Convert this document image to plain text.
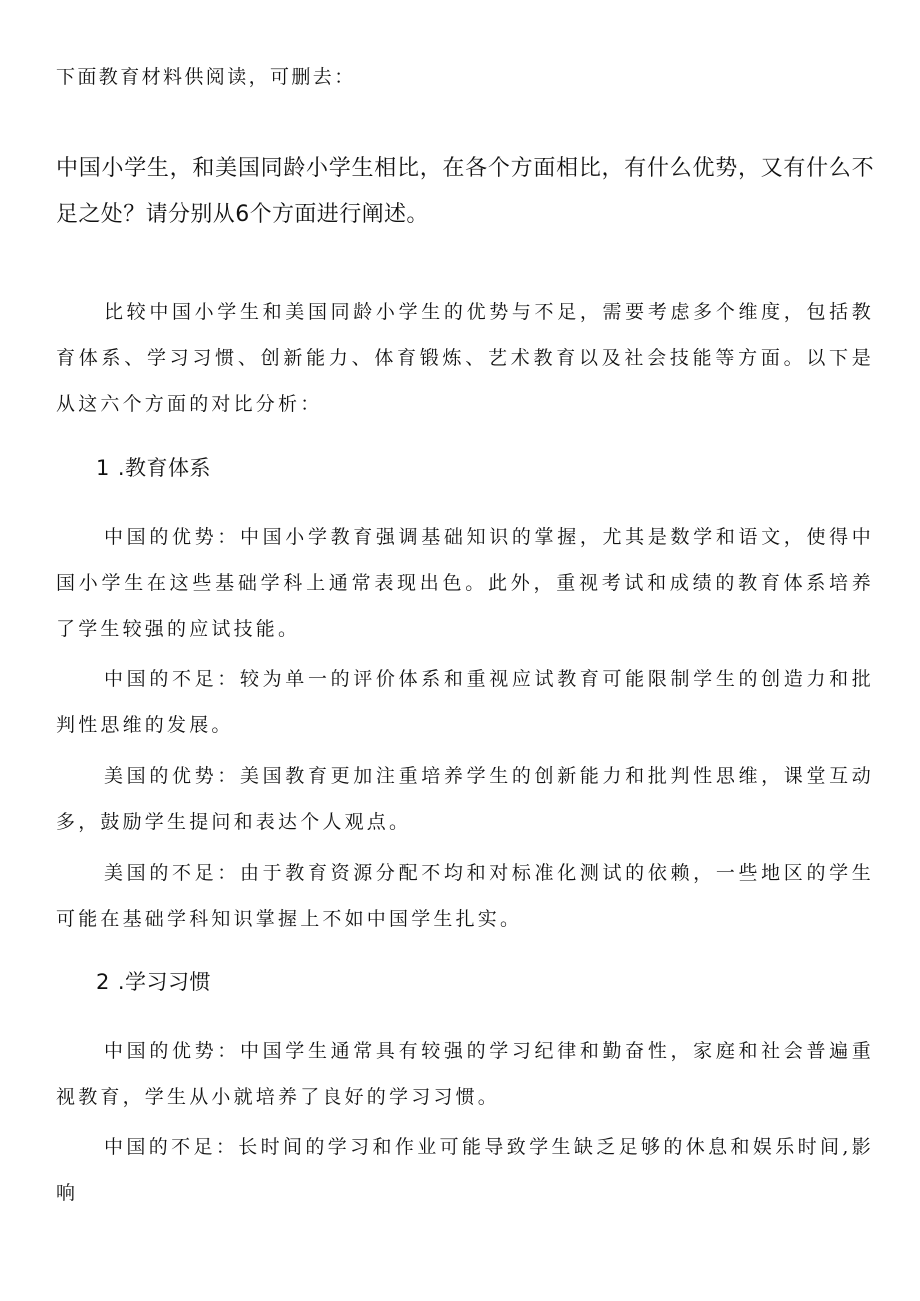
下面教育材料供阅读，可删去：

中国小学生，和美国同龄小学生相比，在各个方面相比，有什么优势，又有什么不足之处？请分别从6个方面进行阐述。

比较中国小学生和美国同龄小学生的优势与不足，需要考虑多个维度，包括教育体系、学习习惯、创新能力、体育锻炼、艺术教育以及社会技能等方面。以下是从这六个方面的对比分析：

1 .教育体系

中国的优势：中国小学教育强调基础知识的掌握，尤其是数学和语文，使得中国小学生在这些基础学科上通常表现出色。此外，重视考试和成绩的教育体系培养了学生较强的应试技能。

中国的不足：较为单一的评价体系和重视应试教育可能限制学生的创造力和批判性思维的发展。

美国的优势：美国教育更加注重培养学生的创新能力和批判性思维，课堂互动多，鼓励学生提问和表达个人观点。

美国的不足：由于教育资源分配不均和对标准化测试的依赖，一些地区的学生可能在基础学科知识掌握上不如中国学生扎实。

2 .学习习惯

中国的优势：中国学生通常具有较强的学习纪律和勤奋性，家庭和社会普遍重视教育，学生从小就培养了良好的学习习惯。

中国的不足：长时间的学习和作业可能导致学生缺乏足够的休息和娱乐时间,影响
